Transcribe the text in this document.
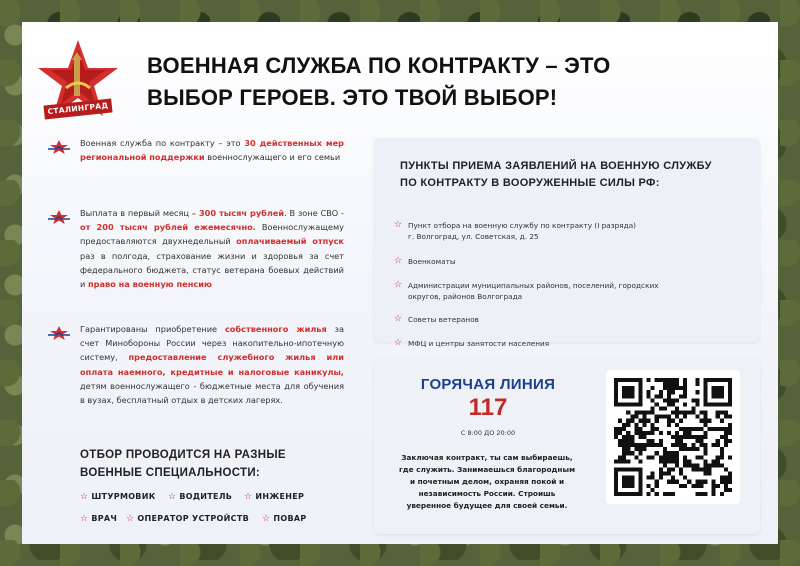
СТАЛИНГРАД
ВОЕННАЯ СЛУЖБА ПО КОНТРАКТУ – ЭТО
ВЫБОР ГЕРОЕВ. ЭТО ТВОЙ ВЫБОР!
Военная служба по контракту – это 30 действенных мер региональной поддержки военнослужащего и его семьи
Выплата в первый месяц – 300 тысяч рублей. В зоне СВО - от 200 тысяч рублей ежемесячно. Военнослужащему предоставляются двухнедельный оплачиваемый отпуск раз в полгода, страхование жизни и здоровья за счет федерального бюджета, статус ветерана боевых действий и право на военную пенсию
Гарантированы приобретение собственного жилья за счет Минобороны России через накопительно-ипотечную систему, предоставление служебного жилья или оплата наемного, кредитные и налоговые каникулы, детям военнослужащего - бюджетные места для обучения в вузах, бесплатный отдых в детских лагерях.
ОТБОР ПРОВОДИТСЯ НА РАЗНЫЕ
ВОЕННЫЕ СПЕЦИАЛЬНОСТИ:
☆ ШТУРМОВИК ☆ ВОДИТЕЛЬ ☆ ИНЖЕНЕР
☆ ВРАЧ ☆ ОПЕРАТОР УСТРОЙСТВ ☆ ПОВАР
ПУНКТЫ ПРИЕМА ЗАЯВЛЕНИЙ НА ВОЕННУЮ СЛУЖБУ
ПО КОНТРАКТУ В ВООРУЖЕННЫЕ СИЛЫ РФ:
☆ Пункт отбора на военную службу по контракту (I разряда)
г. Волгоград, ул. Советская, д. 25
☆ Военкоматы
☆ Администрации муниципальных районов, поселений, городских
округов, районов Волгограда
☆ Советы ветеранов
☆ МФЦ и центры занятости населения
ГОРЯЧАЯ ЛИНИЯ
117
С 8:00 ДО 20:00
Заключая контракт, ты сам выбираешь,
где служить. Занимаешься благородным
и почетным делом, охраняя покой и
независимость России. Строишь
уверенное будущее для своей семьи.
